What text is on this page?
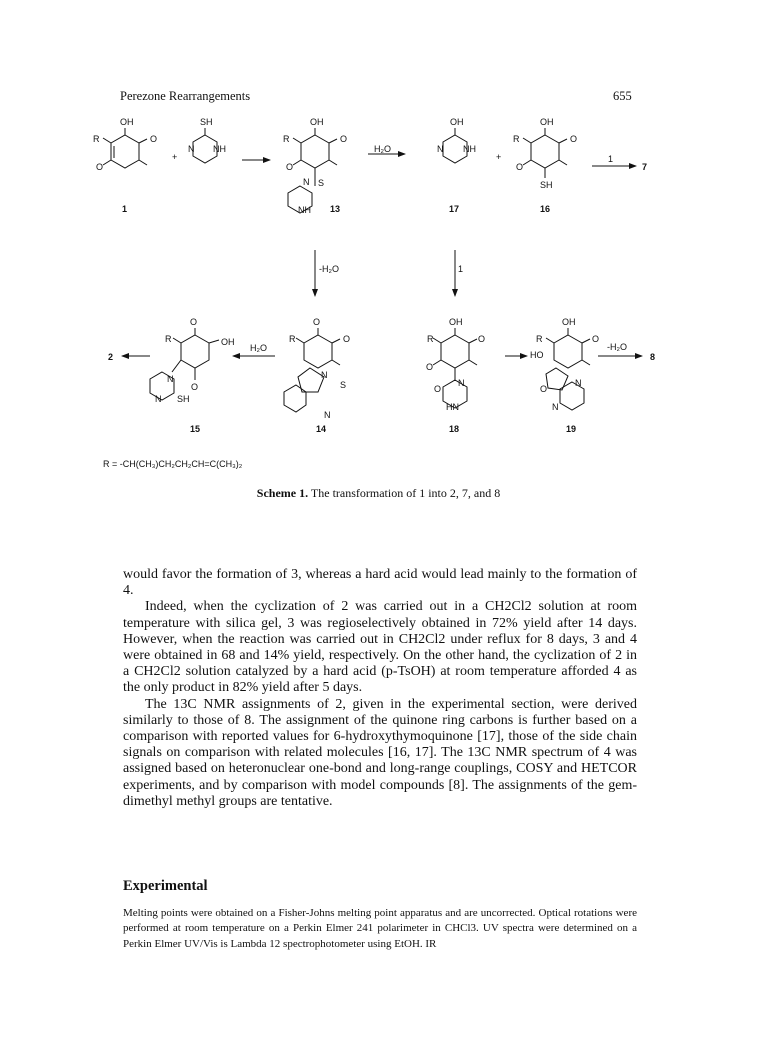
Perezone Rearrangements	655
OH
O
R
O
+
SH
N NH
OH
O
R
O
N S
NH
OH
N NH
+
OH
O
R
O
SH
O
OH
R
O
N
N SH
O
O
R
N
S
N
OH
O
R
O
N
O
HN
OH
O
R
HO
N
O
N
1	13	17	16
15	14	18	19
H₂O
1
7
-H₂O	1
2
H₂O	-H₂O
8
R = -CH(CH₃)CH₂CH₂CH=C(CH₃)₂
Scheme 1. The transformation of 1 into 2, 7, and 8

would favor the formation of 3, whereas a hard acid would lead mainly to the formation of 4.

Indeed, when the cyclization of 2 was carried out in a CH2Cl2 solution at room temperature with silica gel, 3 was regioselectively obtained in 72% yield after 14 days. However, when the reaction was carried out in CH2Cl2 under reflux for 8 days, 3 and 4 were obtained in 68 and 14% yield, respectively. On the other hand, the cyclization of 2 in a CH2Cl2 solution catalyzed by a hard acid (p-TsOH) at room temperature afforded 4 as the only product in 82% yield after 5 days.

The 13C NMR assignments of 2, given in the experimental section, were derived similarly to those of 8. The assignment of the quinone ring carbons is further based on a comparison with reported values for 6-hydroxythymoquinone [17], those of the side chain signals on comparison with related molecules [16, 17]. The 13C NMR spectrum of 4 was assigned based on heteronuclear one-bond and long-range couplings, COSY and HETCOR experiments, and by comparison with model compounds [8]. The assignments of the gem-dimethyl methyl groups are tentative.

Experimental
Melting points were obtained on a Fisher-Johns melting point apparatus and are uncorrected. Optical rotations were performed at room temperature on a Perkin Elmer 241 polarimeter in CHCl3. UV spectra were determined on a Perkin Elmer UV/Vis is Lambda 12 spectrophotometer using EtOH. IR
